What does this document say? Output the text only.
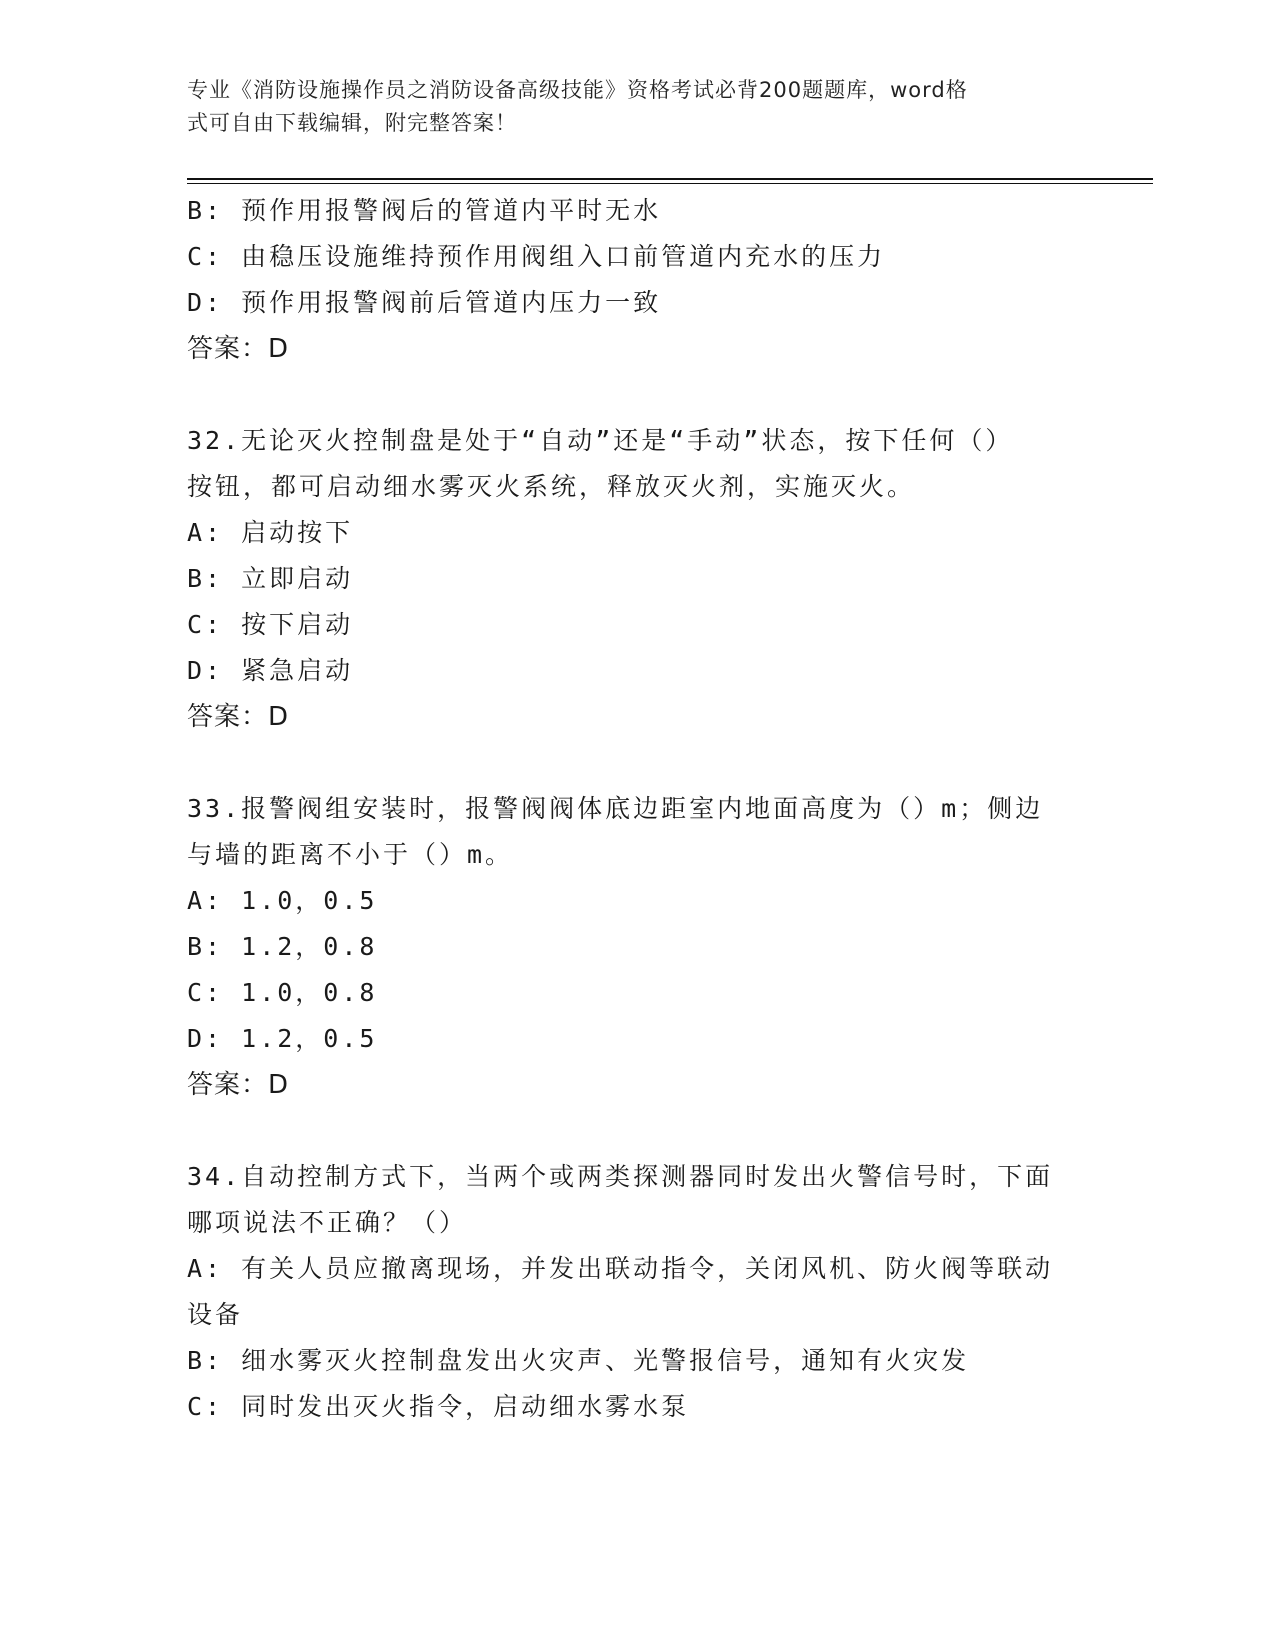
专业《消防设施操作员之消防设备高级技能》资格考试必背200题题库，word格
式可自由下载编辑，附完整答案！
B: 预作用报警阀后的管道内平时无水
C: 由稳压设施维持预作用阀组入口前管道内充水的压力
D: 预作用报警阀前后管道内压力一致
答案：D
32.无论灭火控制盘是处于“自动”还是“手动”状态，按下任何（）
按钮，都可启动细水雾灭火系统，释放灭火剂，实施灭火。
A: 启动按下
B: 立即启动
C: 按下启动
D: 紧急启动
答案：D
33.报警阀组安装时，报警阀阀体底边距室内地面高度为（）m；侧边
与墙的距离不小于（）m。
A: 1.0，0.5
B: 1.2，0.8
C: 1.0，0.8
D: 1.2，0.5
答案：D
34.自动控制方式下，当两个或两类探测器同时发出火警信号时，下面
哪项说法不正确？（）
A: 有关人员应撤离现场，并发出联动指令，关闭风机、防火阀等联动
设备
B: 细水雾灭火控制盘发出火灾声、光警报信号，通知有火灾发
C: 同时发出灭火指令，启动细水雾水泵
